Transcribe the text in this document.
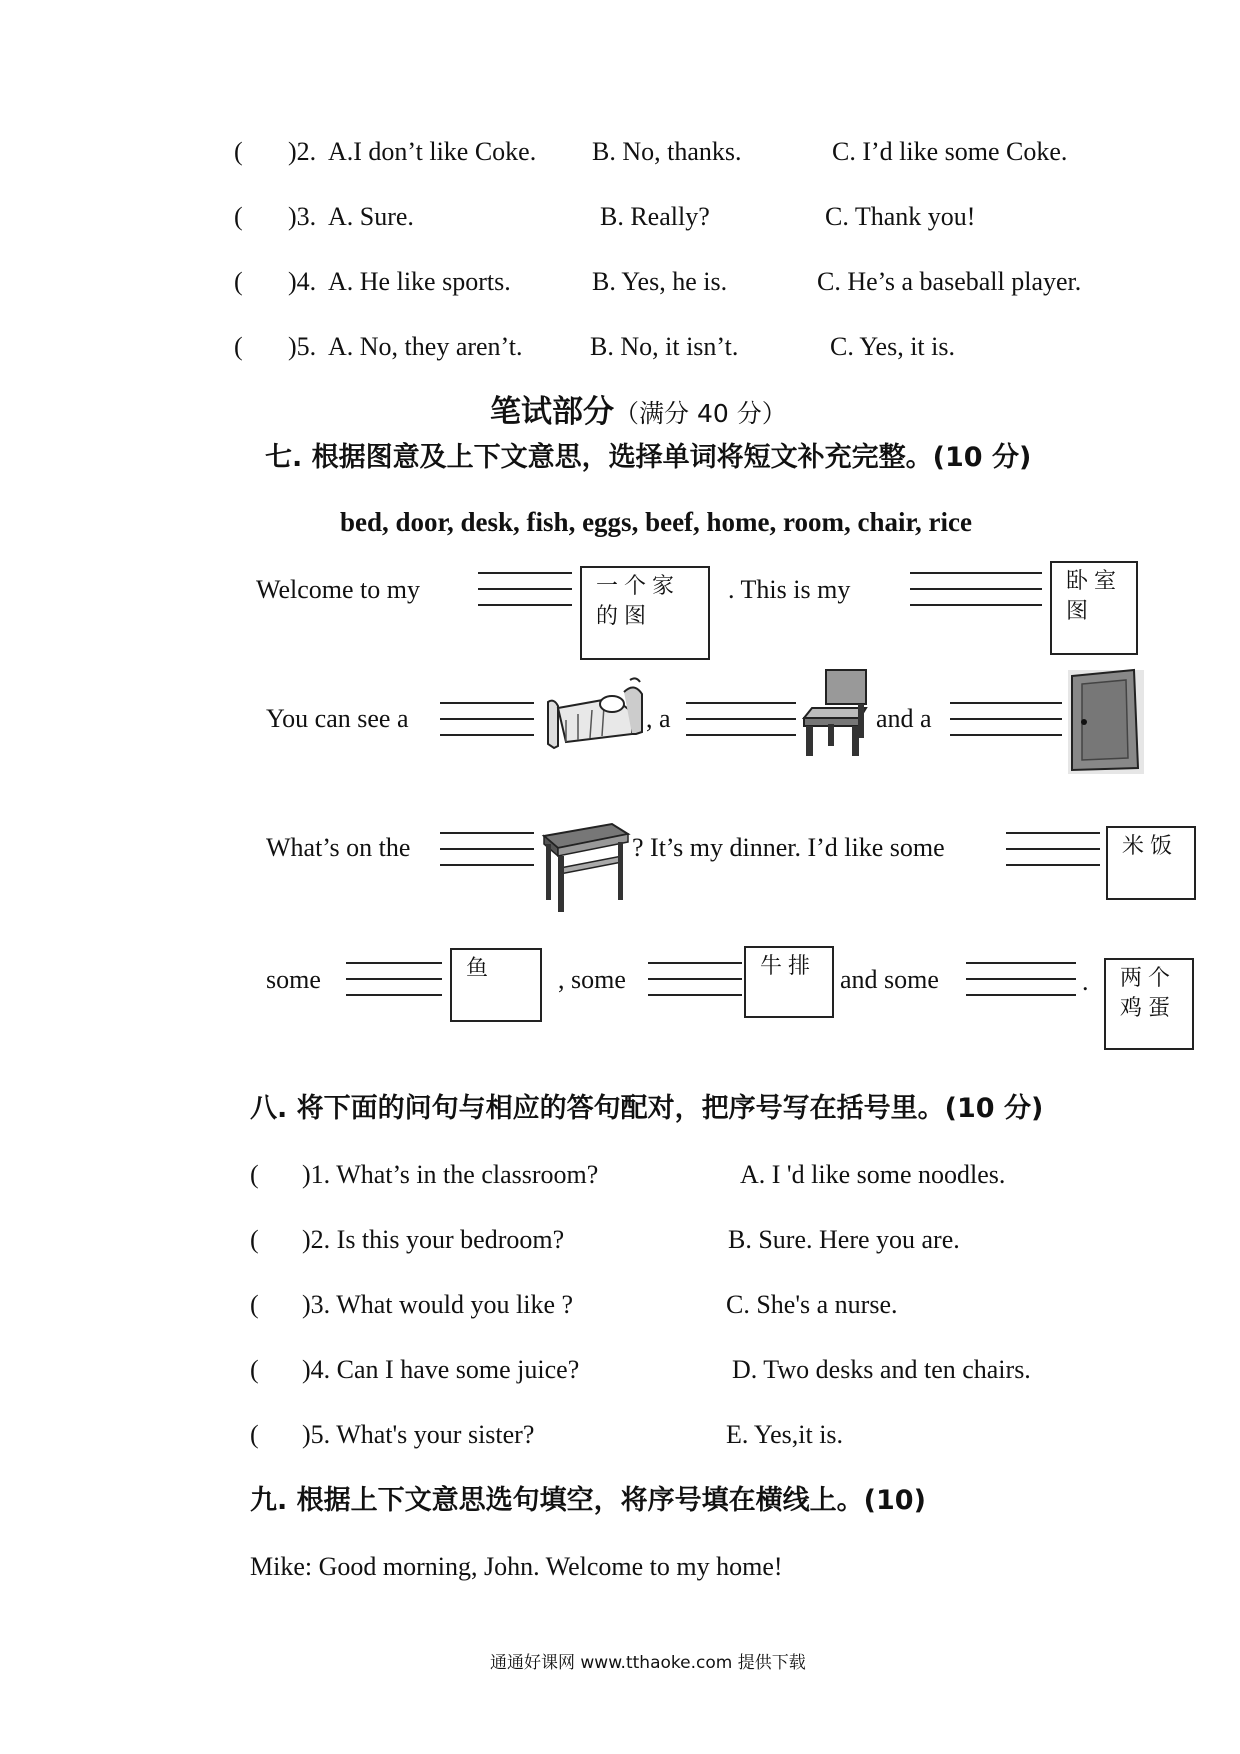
( )2. A.I don’t like Coke. B. No, thanks.	C. I’d like some Coke.
( )3. A. Sure.	B. Really?	C. Thank you!
( )4. A. He like sports.	B. Yes, he is.	C. He’s a baseball player.
( )5. A. No, they aren’t.	B. No, it isn’t.	C. Yes, it is.
笔试部分（满分 40 分）
七. 根据图意及上下文意思，选择单词将短文补充完整。(10 分)
bed, door, desk, fish, eggs, beef, home, room, chair, rice
Welcome to my	一个家的图
. This is my	卧室图
You can see a	, a	and a
What’s on the	? It’s my dinner. I’d like some	米饭
some	鱼	, some	牛排 and some	.	两个鸡蛋
八. 将下面的问句与相应的答句配对，把序号写在括号里。(10 分)
( )1. What’s in the classroom?	A. I 'd like some noodles.
( )2. Is this your bedroom?	B. Sure. Here you are.
( )3. What would you like ?	C. She's a nurse.
( )4. Can I have some juice?	D. Two desks and ten chairs.
( )5. What's your sister?	E. Yes,it is.
九. 根据上下文意思选句填空，将序号填在横线上。(10)
Mike: Good morning, John. Welcome to my home!
通通好课网 www.tthaoke.com 提供下载
